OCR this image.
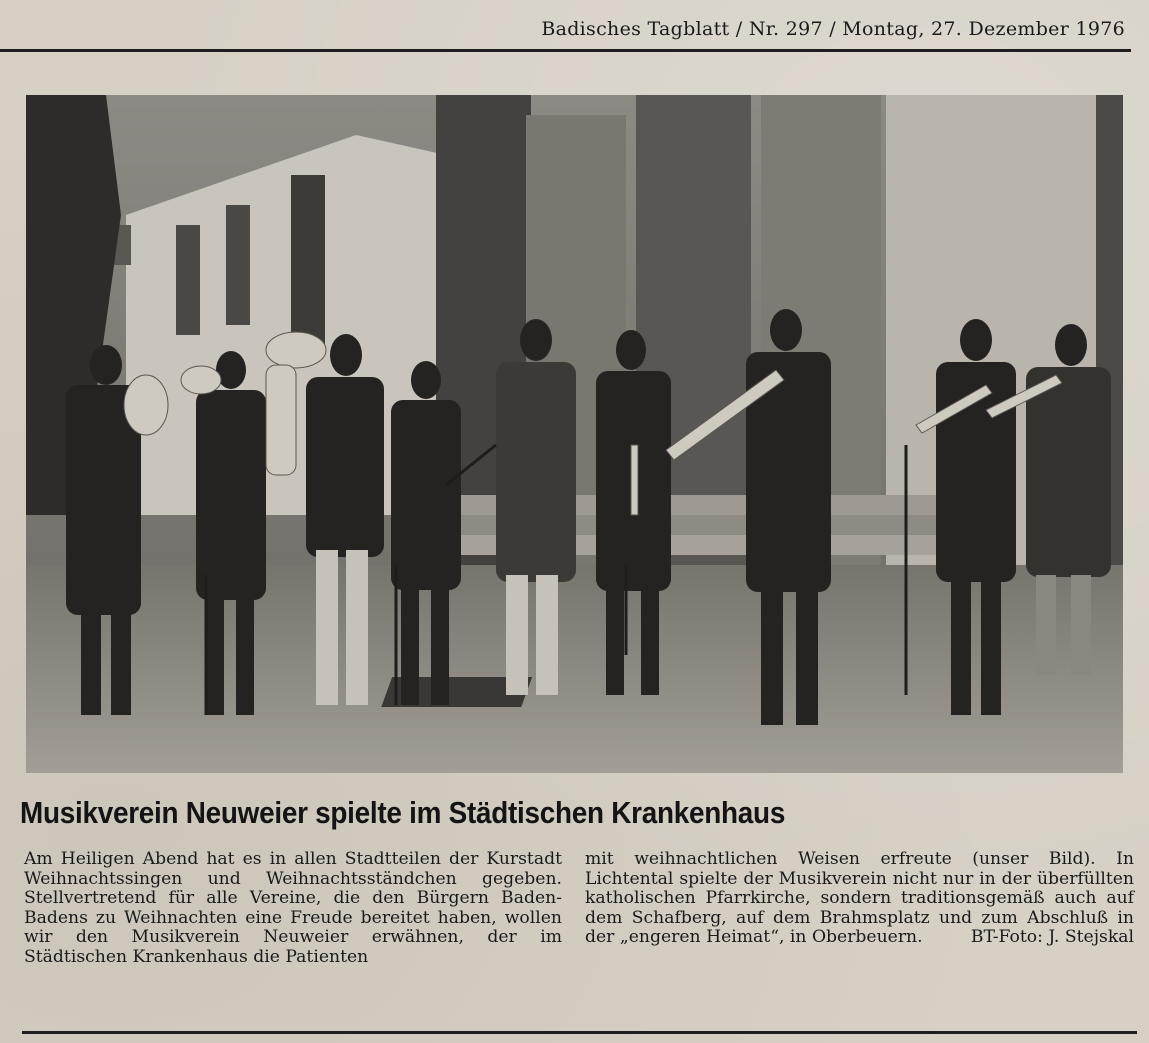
Badisches Tagblatt / Nr. 297 / Montag, 27. Dezember 1976
Musikverein Neuweier spielte im Städtischen Krankenhaus
Am Heiligen Abend hat es in allen Stadtteilen der Kurstadt Weihnachtssingen und Weihnachtsständchen gegeben. Stellvertretend für alle Vereine, die den Bürgern Baden-Badens zu Weihnachten eine Freude bereitet haben, wollen wir den Musikverein Neuweier erwähnen, der im Städtischen Krankenhaus die Patienten
mit weihnachtlichen Weisen erfreute (unser Bild). In Lichtental spielte der Musikverein nicht nur in der überfüllten katholischen Pfarrkirche, sondern traditionsgemäß auch auf dem Schafberg, auf dem Brahmsplatz und zum Abschluß in der „engeren Heimat“, in Oberbeuern.	BT-Foto: J. Stejskal
